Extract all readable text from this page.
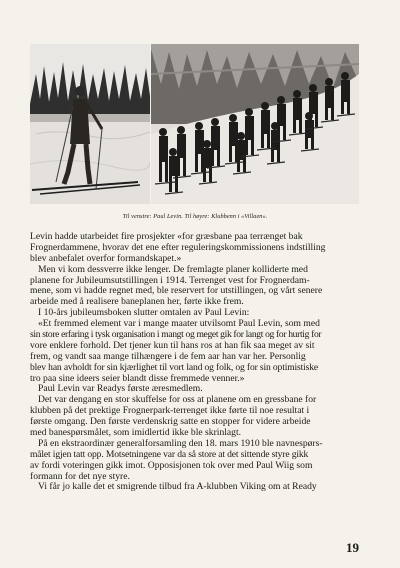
Til venstre: Paul Levin. Til høyre: Klubbenn i «Villaen».
Levin hadde utarbeidet fire prosjekter «for græsbane paa terrænget bak
Frognerdammene, hvorav det ene efter reguleringskommissionens indstilling
blev anbefalet overfor formandskapet.»
Men vi kom dessverre ikke lenger. De fremlagte planer kolliderte med
planene for Jubileumsutstillingen i 1914. Terrenget vest for Frognerdam-
mene, som vi hadde regnet med, ble reservert for utstillingen, og vårt senere
arbeide med å realisere baneplanen her, førte ikke frem.
I 10-års jubileumsboken slutter omtalen av Paul Levin:
«Et fremmed element var i mange maater utvilsomt Paul Levin, som med
sin store erfaring i tysk organisation i mangt og meget gik for langt og for hurtig for
vore enklere forhold. Det tjener kun til hans ros at han fik saa meget av sit
frem, og vandt saa mange tilhængere i de fem aar han var her. Personlig
blev han avholdt for sin kjærlighet til vort land og folk, og for sin optimistiske
tro paa sine ideers seier blandt disse fremmede venner.»
Paul Levin var Readys første æresmedlem.
Det var dengang en stor skuffelse for oss at planene om en gressbane for
klubben på det prektige Frognerpark-terrenget ikke førte til noe resultat i
første omgang. Den første verdenskrig satte en stopper for videre arbeide
med banespørsmålet, som imidlertid ikke ble skrinlagt.
På en ekstraordinær generalforsamling den 18. mars 1910 ble navnespørs-
målet igjen tatt opp. Motsetningene var da så store at det sittende styre gikk
av fordi voteringen gikk imot. Opposisjonen tok over med Paul Wiig som
formann for det nye styre.
Vi får jo kalle det et smigrende tilbud fra A-klubben Viking om at Ready
19
